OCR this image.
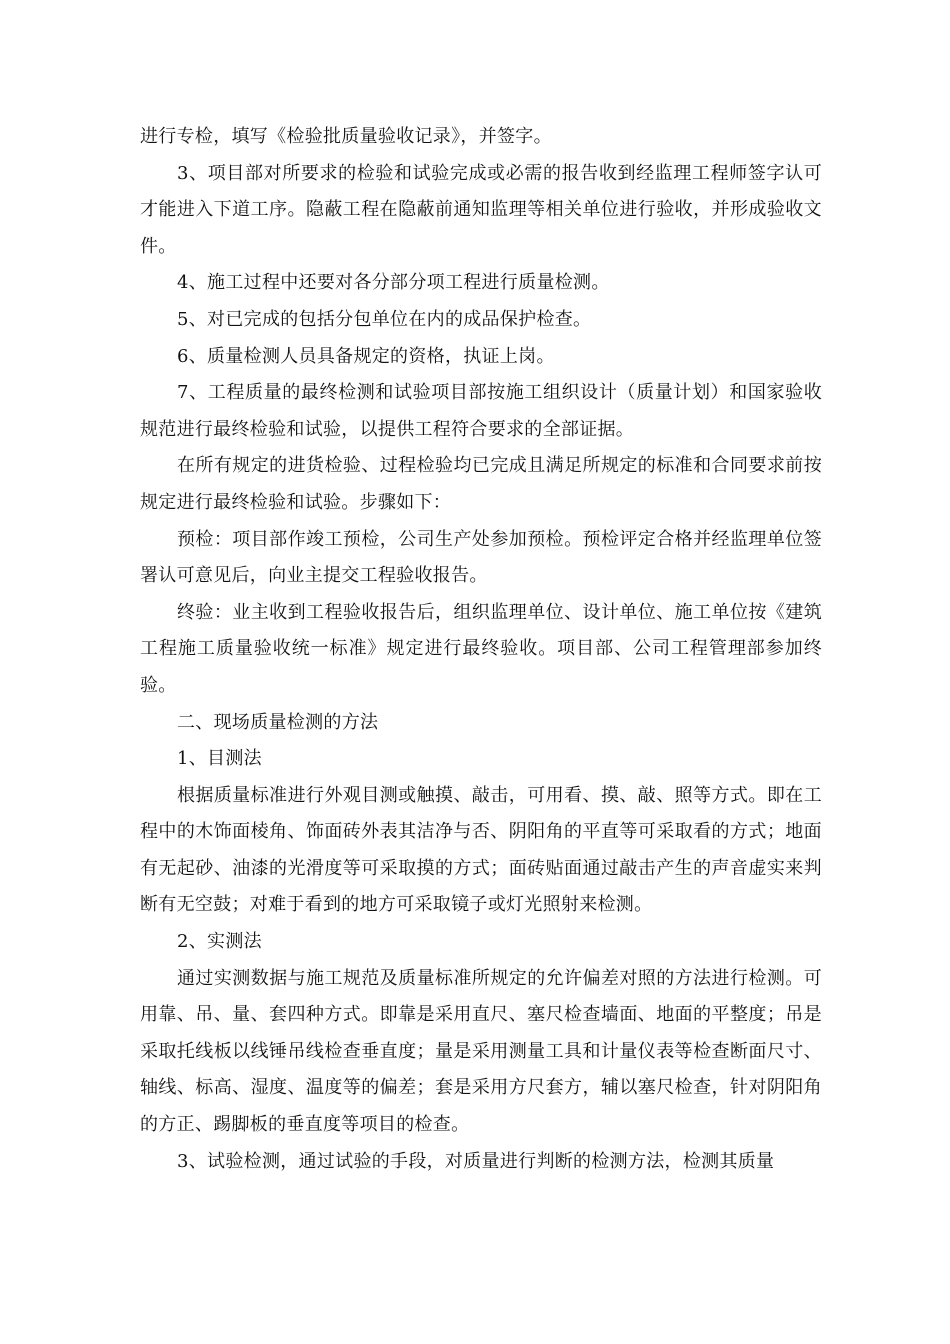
进行专检，填写《检验批质量验收记录》，并签字。

3、项目部对所要求的检验和试验完成或必需的报告收到经监理工程师签字认可才能进入下道工序。隐蔽工程在隐蔽前通知监理等相关单位进行验收，并形成验收文件。

4、施工过程中还要对各分部分项工程进行质量检测。

5、对已完成的包括分包单位在内的成品保护检查。

6、质量检测人员具备规定的资格，执证上岗。

7、工程质量的最终检测和试验项目部按施工组织设计（质量计划）和国家验收规范进行最终检验和试验，以提供工程符合要求的全部证据。

在所有规定的进货检验、过程检验均已完成且满足所规定的标准和合同要求前按规定进行最终检验和试验。步骤如下：

预检：项目部作竣工预检，公司生产处参加预检。预检评定合格并经监理单位签署认可意见后，向业主提交工程验收报告。

终验：业主收到工程验收报告后，组织监理单位、设计单位、施工单位按《建筑工程施工质量验收统一标准》规定进行最终验收。项目部、公司工程管理部参加终验。

二、现场质量检测的方法

1、目测法

根据质量标准进行外观目测或触摸、敲击，可用看、摸、敲、照等方式。即在工程中的木饰面棱角、饰面砖外表其洁净与否、阴阳角的平直等可采取看的方式；地面有无起砂、油漆的光滑度等可采取摸的方式；面砖贴面通过敲击产生的声音虚实来判断有无空鼓；对难于看到的地方可采取镜子或灯光照射来检测。

2、实测法

通过实测数据与施工规范及质量标准所规定的允许偏差对照的方法进行检测。可用靠、吊、量、套四种方式。即靠是采用直尺、塞尺检查墙面、地面的平整度；吊是采取托线板以线锤吊线检查垂直度；量是采用测量工具和计量仪表等检查断面尺寸、轴线、标高、湿度、温度等的偏差；套是采用方尺套方，辅以塞尺检查，针对阴阳角的方正、踢脚板的垂直度等项目的检查。

3、试验检测，通过试验的手段，对质量进行判断的检测方法，检测其质量
